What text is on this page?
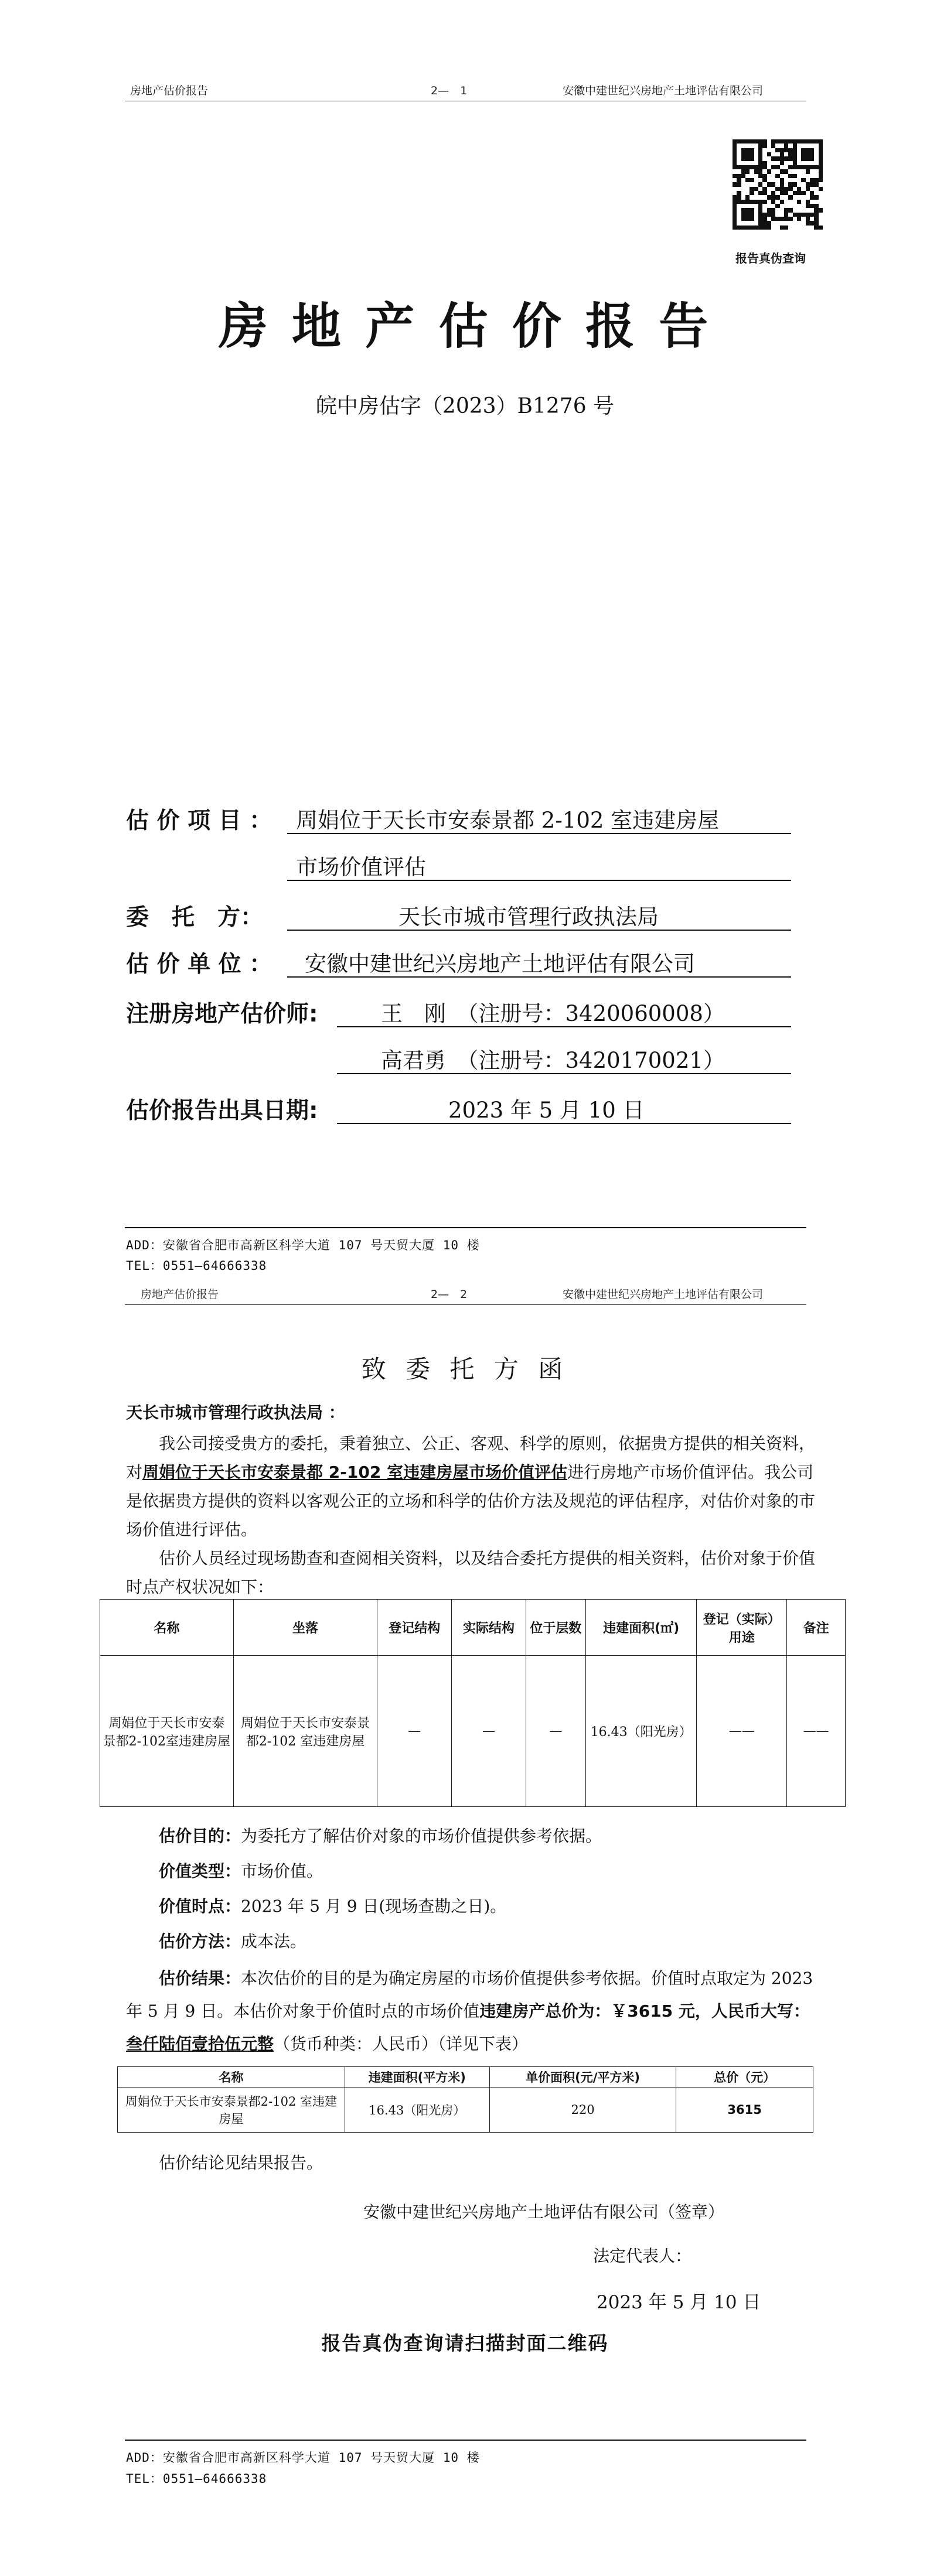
房地产估价报告	2—　1	安徽中建世纪兴房地产土地评估有限公司
报告真伪查询
房 地 产 估 价 报 告
皖中房估字（2023）B1276 号
估 价 项 目 ： 周娟位于天长市安泰景都 2-102 室违建房屋
市场价值评估
委　托　方：	天长市城市管理行政执法局
估 价 单 位 ： 安徽中建世纪兴房地产土地评估有限公司
注册房地产估价师:	王　刚　（注册号：3420060008）
高君勇　（注册号：3420170021）
估价报告出具日期:	2023 年 5 月 10 日
ADD：安徽省合肥市高新区科学大道 107 号天贸大厦 10 楼
TEL：0551—64666338
房地产估价报告	2—　2	安徽中建世纪兴房地产土地评估有限公司
致 委 托 方 函
天长市城市管理行政执法局 ：
我公司接受贵方的委托，秉着独立、公正、客观、科学的原则，依据贵方提供的相关资料，对周娟位于天长市安泰景都 2-102 室违建房屋市场价值评估进行房地产市场价值评估。我公司是依据贵方提供的资料以客观公正的立场和科学的估价方法及规范的评估程序，对估价对象的市场价值进行评估。
估价人员经过现场勘查和查阅相关资料，以及结合委托方提供的相关资料，估价对象于价值时点产权状况如下：
名称	坐落	登记结构	实际结构	位于层数	违建面积(㎡)	登记（实际）用途	备注
周娟位于天长市安泰景都2-102室违建房屋	周娟位于天长市安泰景都2-102 室违建房屋	—	—	—	16.43（阳光房）	——	——
估价目的：为委托方了解估价对象的市场价值提供参考依据。
价值类型：市场价值。
价值时点：2023 年 5 月 9 日(现场查勘之日)。
估价方法：成本法。
估价结果：本次估价的目的是为确定房屋的市场价值提供参考依据。价值时点取定为 2023 年 5 月 9 日。本估价对象于价值时点的市场价值违建房产总价为：￥3615 元，人民币大写：叁仟陆佰壹拾伍元整（货币种类：人民币）（详见下表）
名称	违建面积(平方米)	单价面积(元/平方米)	总价（元）
周娟位于天长市安泰景都2-102 室违建房屋	16.43（阳光房）	220	3615
估价结论见结果报告。
安徽中建世纪兴房地产土地评估有限公司（签章）
法定代表人：
2023 年 5 月 10 日
报告真伪查询请扫描封面二维码
ADD：安徽省合肥市高新区科学大道 107 号天贸大厦 10 楼
TEL：0551—64666338
